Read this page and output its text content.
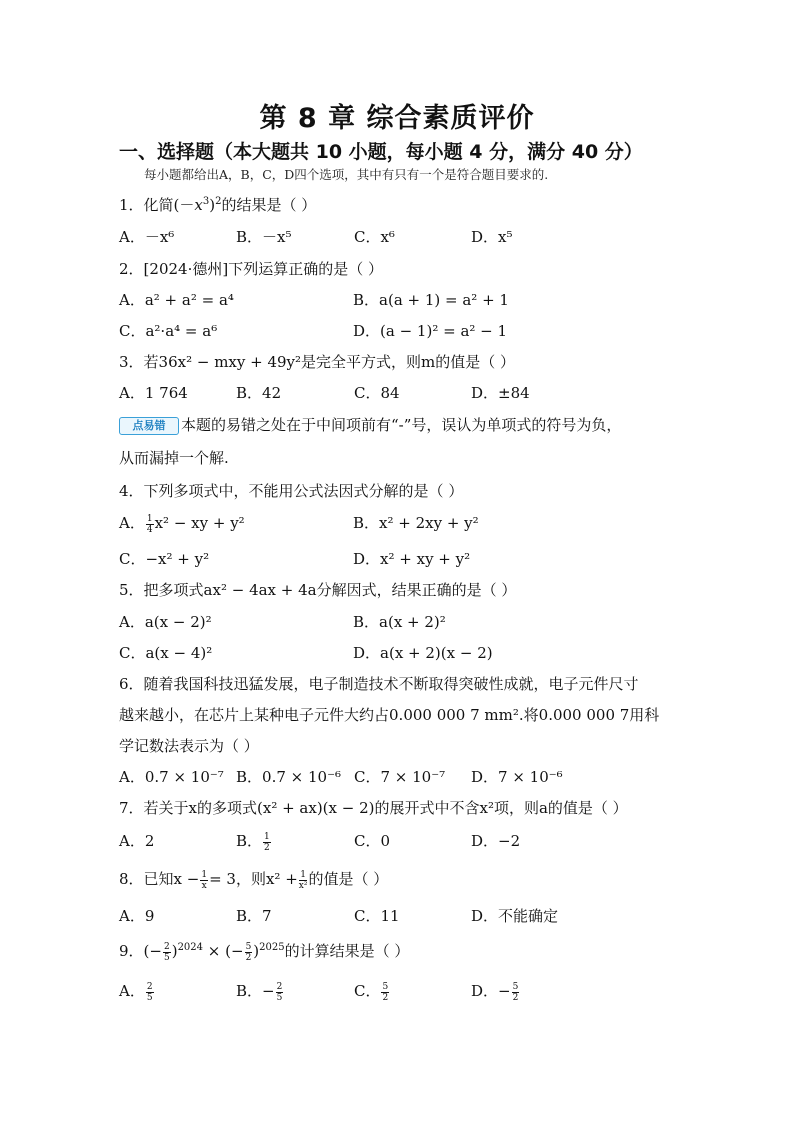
第 8 章 综合素质评价
一、选择题（本大题共 10 小题，每小题 4 分，满分 40 分）
每小题都给出A，B，C，D四个选项，其中有只有一个是符合题目要求的.
1．化简$(-x^3)^2$的结果是（ ）
A．－x⁶	B．－x⁵	C．x⁶	D．x⁵
2．[2024·德州]下列运算正确的是（ ）
A．a² + a² = a⁴	B．a(a + 1) = a² + 1
C．a²·a⁴ = a⁶	D．(a − 1)² = a² − 1
3．若36x² − mxy + 49y²是完全平方式，则m的值是（ ）
A．1 764	B．42	C．84	D．±84
点易错 本题的易错之处在于中间项前有“-”号，误认为单项式的符号为负，
从而漏掉一个解.
4．下列多项式中，不能用公式法因式分解的是（ ）
A． $\frac{1}{4} x^2$ − xy + y²	B．x² + 2xy + y²
C．−x² + y²	D．x² + xy + y²
5．把多项式ax² − 4ax + 4a分解因式，结果正确的是（ ）
A．a(x − 2)²	B．a(x + 2)²
C．a(x − 4)²	D．a(x + 2)(x − 2)
6．随着我国科技迅猛发展，电子制造技术不断取得突破性成就，电子元件尺寸
越来越小，在芯片上某种电子元件大约占0.000 000 7 mm².将0.000 000 7用科
学记数法表示为（ ）
A．0.7 × 10⁻⁷ B．0.7 × 10⁻⁶ C．7 × 10⁻⁷ D．7 × 10⁻⁶
7．若关于x的多项式(x² + ax)(x − 2)的展开式中不含x²项，则a的值是（ ）
A．2	B． $\frac{1}{2}$	C．0	D．−2
8．已知$x - \frac{1}{x} = 3$，则$x^2 + \frac{1}{\text{x²}}$ 的值是（ ）
A．9	B．7	C．11	D．不能确定
9．(− $\frac{2}{5} )^{2024}$ × (− $\frac{5}{2} )^{2025}$的计算结果是（ ）
A． $\frac{2}{5}$	B．− $\frac{2}{5}$	C． $\frac{5}{2}$	D．− $\frac{5}{2}$
